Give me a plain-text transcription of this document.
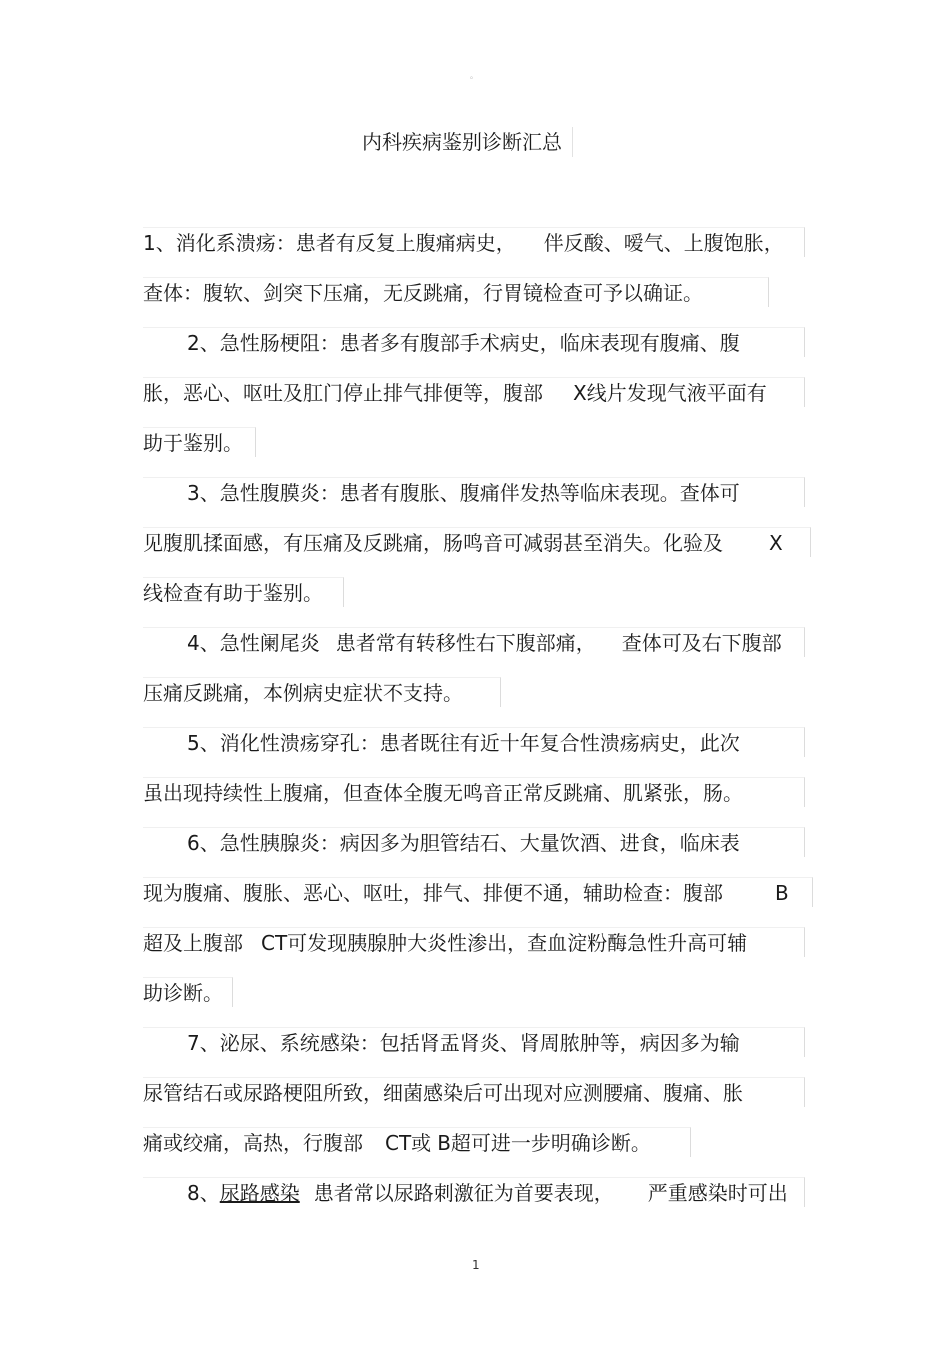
。
内科疾病鉴别诊断汇总
1、消化系溃疡：患者有反复上腹痛病史， 伴反酸、嗳气、上腹饱胀，
查体：腹软、剑突下压痛，无反跳痛，行胃镜检查可予以确证。
2、急性肠梗阻：患者多有腹部手术病史，临床表现有腹痛、腹
胀，恶心、呕吐及肛门停止排气排便等，腹部 X线片发现气液平面有
助于鉴别。
3、急性腹膜炎：患者有腹胀、腹痛伴发热等临床表现。查体可
见腹肌揉面感，有压痛及反跳痛，肠鸣音可减弱甚至消失。化验及 X
线检查有助于鉴别。
4、急性阑尾炎 患者常有转移性右下腹部痛， 查体可及右下腹部
压痛反跳痛，本例病史症状不支持。
5、消化性溃疡穿孔：患者既往有近十年复合性溃疡病史，此次
虽出现持续性上腹痛，但查体全腹无鸣音正常反跳痛、肌紧张，肠。
6、急性胰腺炎：病因多为胆管结石、大量饮酒、进食，临床表
现为腹痛、腹胀、恶心、呕吐，排气、排便不通，辅助检查：腹部	B
超及上腹部 CT可发现胰腺肿大炎性渗出，查血淀粉酶急性升高可辅
助诊断。
7、泌尿、系统感染：包括肾盂肾炎、肾周脓肿等，病因多为输
尿管结石或尿路梗阻所致，细菌感染后可出现对应测腰痛、腹痛、胀
痛或绞痛，高热，行腹部 CT或 B超可进一步明确诊断。
8、尿路感染 患者常以尿路刺激征为首要表现， 严重感染时可出
1
